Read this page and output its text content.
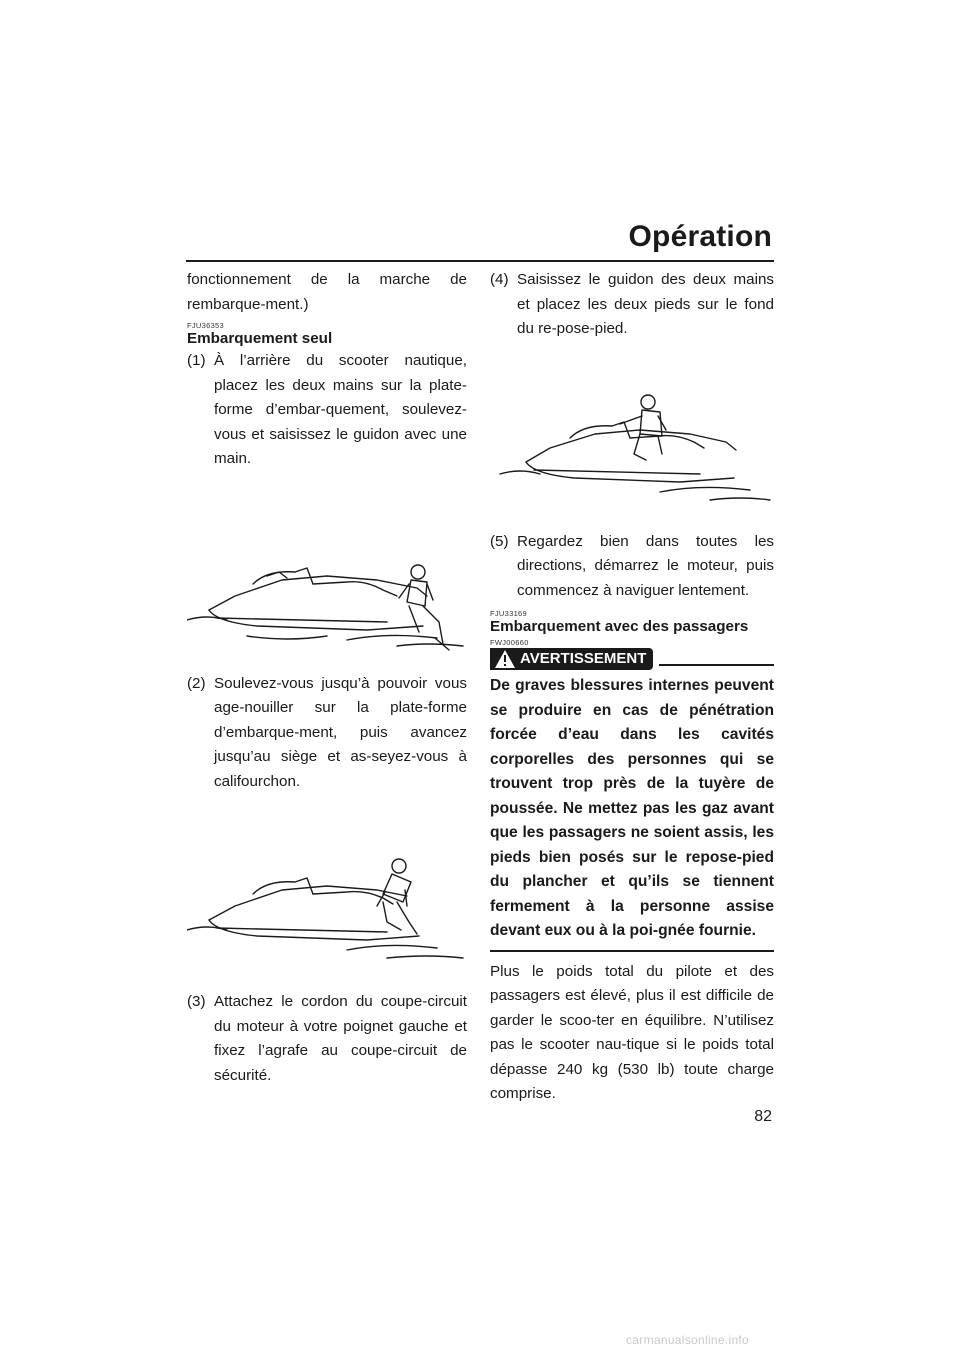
Opération

fonctionnement de la marche de rembarque-ment.)

FJU36353
Embarquement seul
(1) À l’arrière du scooter nautique, placez les deux mains sur la plate-forme d’embar-quement, soulevez-vous et saisissez le guidon avec une main.
(2) Soulevez-vous jusqu’à pouvoir vous age-nouiller sur la plate-forme d’embarque-ment, puis avancez jusqu’au siège et as-seyez-vous à califourchon.
(3) Attachez le cordon du coupe-circuit du moteur à votre poignet gauche et fixez l’agrafe au coupe-circuit de sécurité.
(4) Saisissez le guidon des deux mains et placez les deux pieds sur le fond du re-pose-pied.
(5) Regardez bien dans toutes les directions, démarrez le moteur, puis commencez à naviguer lentement.
FJU33169
Embarquement avec des passagers
FWJ00660
AVERTISSEMENT

De graves blessures internes peuvent se produire en cas de pénétration forcée d’eau dans les cavités corporelles des personnes qui se trouvent trop près de la tuyère de poussée. Ne mettez pas les gaz avant que les passagers ne soient assis, les pieds bien posés sur le repose-pied du plancher et qu’ils se tiennent fermement à la personne assise devant eux ou à la poi-gnée fournie.

Plus le poids total du pilote et des passagers est élevé, plus il est difficile de garder le scoo-ter en équilibre. N’utilisez pas le scooter nau-tique si le poids total dépasse 240 kg (530 lb) toute charge comprise.

82
carmanualsonline.info
